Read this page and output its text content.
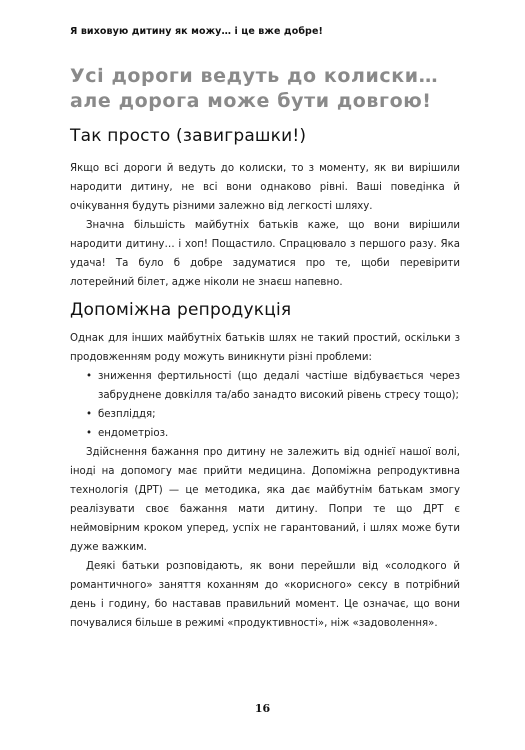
Я виховую дитину як можу… і це вже добре!
Усі дороги ведуть до колиски…
але дорога може бути довгою!
Так просто (завиграшки!)

Якщо всі дороги й ведуть до колиски, то з моменту, як ви вирішили народити дитину, не всі вони однаково рівні. Ваші поведінка й очікування будуть різними залежно від легкості шляху.

Значна більшість майбутніх батьків каже, що вони вирішили народити дитину… і хоп! Пощастило. Спрацювало з першого разу. Яка удача! Та було б добре задуматися про те, щоби перевірити лотерейний білет, адже ніколи не знаєш напевно.

Допоміжна репродукція

Однак для інших майбутніх батьків шлях не такий простий, оскільки з продовженням роду можуть виникнути різні проблеми:

• зниження фертильності (що дедалі частіше відбувається через забруднене довкілля та/або занадто високий рівень стресу тощо);

• безпліддя;

• ендометріоз.

Здійснення бажання про дитину не залежить від однієї нашої волі, іноді на допомогу має прийти медицина. Допоміжна репродуктивна технологія (ДРТ) — це методика, яка дає майбутнім батькам змогу реалізувати своє бажання мати дитину. Попри те що ДРТ є неймовірним кроком уперед, успіх не гарантований, і шлях може бути дуже важким.

Деякі батьки розповідають, як вони перейшли від «солодкого й романтичного» заняття коханням до «корисного» сексу в потрібний день і годину, бо наставав правильний момент. Це означає, що вони почувалися більше в режимі «продуктивності», ніж «задоволення».

16
